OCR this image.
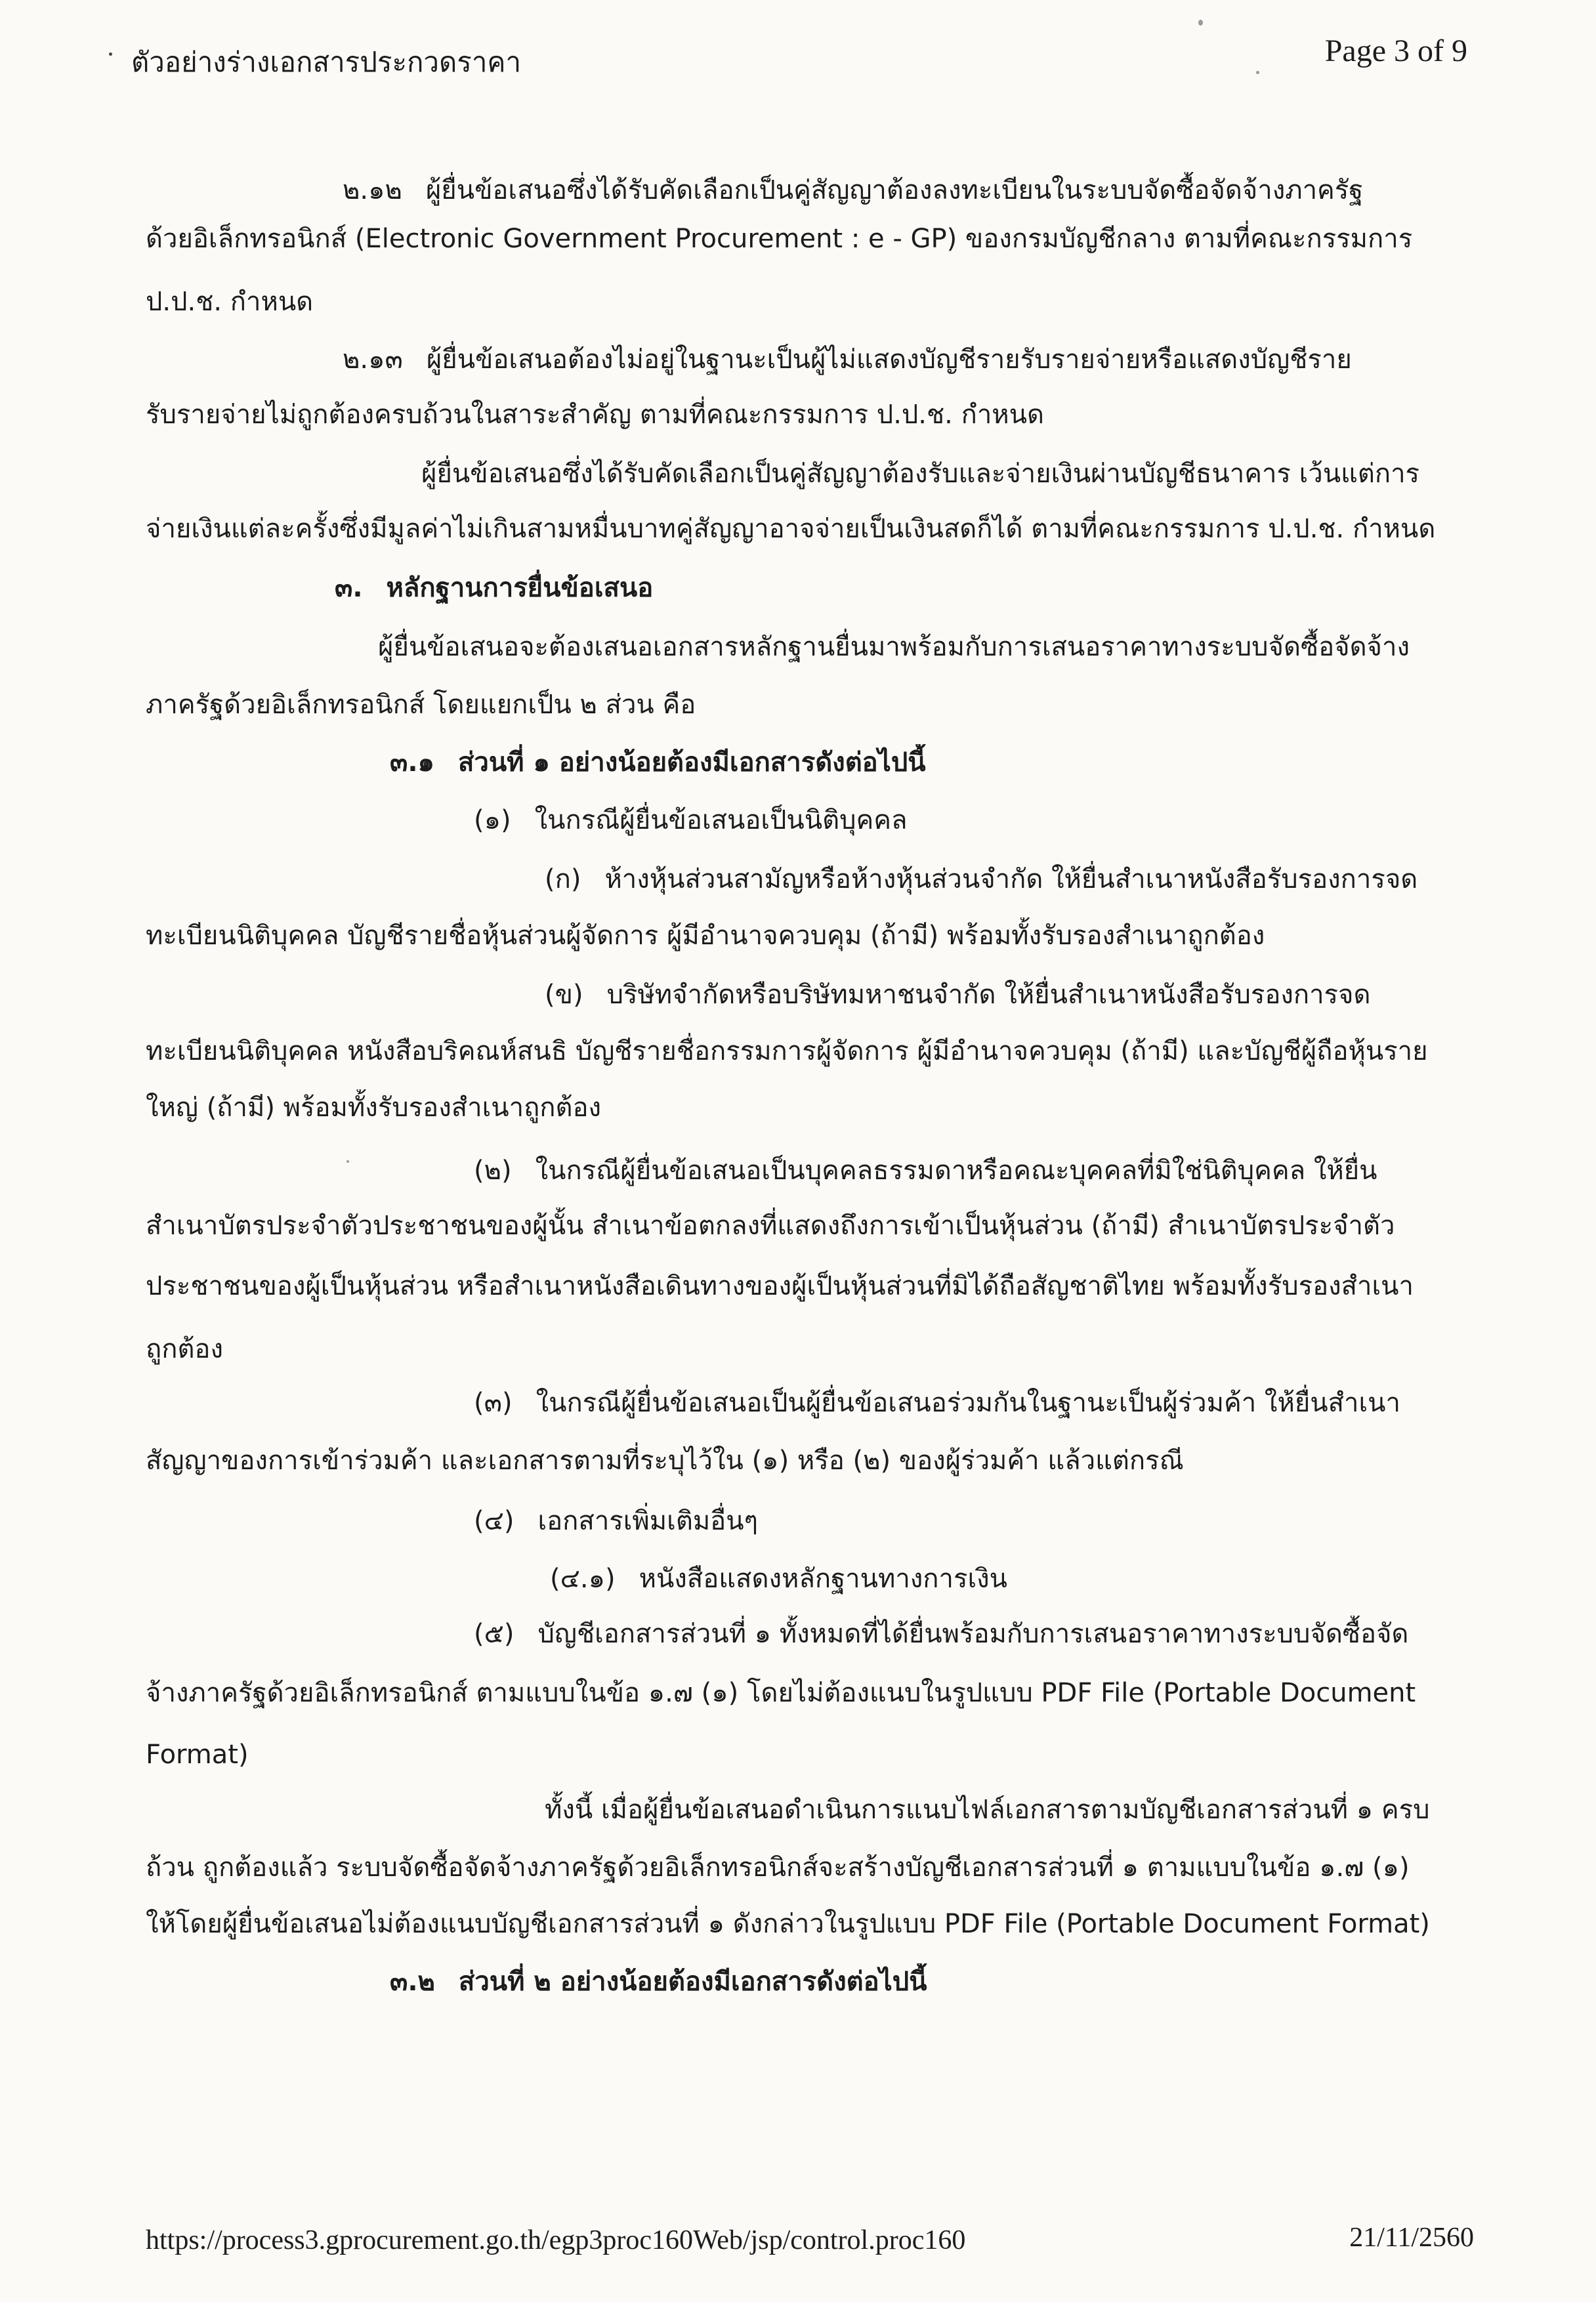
ตัวอย่างร่างเอกสารประกวดราคา	Page 3 of 9
๒.๑๒ ผู้ยื่นข้อเสนอซึ่งได้รับคัดเลือกเป็นคู่สัญญาต้องลงทะเบียนในระบบจัดซื้อจัดจ้างภาครัฐ
ด้วยอิเล็กทรอนิกส์ (Electronic Government Procurement : e - GP) ของกรมบัญชีกลาง ตามที่คณะกรรมการ
ป.ป.ช. กำหนด
๒.๑๓ ผู้ยื่นข้อเสนอต้องไม่อยู่ในฐานะเป็นผู้ไม่แสดงบัญชีรายรับรายจ่ายหรือแสดงบัญชีราย
รับรายจ่ายไม่ถูกต้องครบถ้วนในสาระสำคัญ ตามที่คณะกรรมการ ป.ป.ช. กำหนด
ผู้ยื่นข้อเสนอซึ่งได้รับคัดเลือกเป็นคู่สัญญาต้องรับและจ่ายเงินผ่านบัญชีธนาคาร เว้นแต่การ
จ่ายเงินแต่ละครั้งซึ่งมีมูลค่าไม่เกินสามหมื่นบาทคู่สัญญาอาจจ่ายเป็นเงินสดก็ได้ ตามที่คณะกรรมการ ป.ป.ช. กำหนด
๓. หลักฐานการยื่นข้อเสนอ
ผู้ยื่นข้อเสนอจะต้องเสนอเอกสารหลักฐานยื่นมาพร้อมกับการเสนอราคาทางระบบจัดซื้อจัดจ้าง
ภาครัฐด้วยอิเล็กทรอนิกส์ โดยแยกเป็น ๒ ส่วน คือ
๓.๑ ส่วนที่ ๑ อย่างน้อยต้องมีเอกสารดังต่อไปนี้
(๑) ในกรณีผู้ยื่นข้อเสนอเป็นนิติบุคคล
(ก) ห้างหุ้นส่วนสามัญหรือห้างหุ้นส่วนจำกัด ให้ยื่นสำเนาหนังสือรับรองการจด
ทะเบียนนิติบุคคล บัญชีรายชื่อหุ้นส่วนผู้จัดการ ผู้มีอำนาจควบคุม (ถ้ามี) พร้อมทั้งรับรองสำเนาถูกต้อง
(ข) บริษัทจำกัดหรือบริษัทมหาชนจำกัด ให้ยื่นสำเนาหนังสือรับรองการจด
ทะเบียนนิติบุคคล หนังสือบริคณห์สนธิ บัญชีรายชื่อกรรมการผู้จัดการ ผู้มีอำนาจควบคุม (ถ้ามี) และบัญชีผู้ถือหุ้นราย
ใหญ่ (ถ้ามี) พร้อมทั้งรับรองสำเนาถูกต้อง
(๒) ในกรณีผู้ยื่นข้อเสนอเป็นบุคคลธรรมดาหรือคณะบุคคลที่มิใช่นิติบุคคล ให้ยื่น
สำเนาบัตรประจำตัวประชาชนของผู้นั้น สำเนาข้อตกลงที่แสดงถึงการเข้าเป็นหุ้นส่วน (ถ้ามี) สำเนาบัตรประจำตัว
ประชาชนของผู้เป็นหุ้นส่วน หรือสำเนาหนังสือเดินทางของผู้เป็นหุ้นส่วนที่มิได้ถือสัญชาติไทย พร้อมทั้งรับรองสำเนา
ถูกต้อง
(๓) ในกรณีผู้ยื่นข้อเสนอเป็นผู้ยื่นข้อเสนอร่วมกันในฐานะเป็นผู้ร่วมค้า ให้ยื่นสำเนา
สัญญาของการเข้าร่วมค้า และเอกสารตามที่ระบุไว้ใน (๑) หรือ (๒) ของผู้ร่วมค้า แล้วแต่กรณี
(๔) เอกสารเพิ่มเติมอื่นๆ
(๔.๑) หนังสือแสดงหลักฐานทางการเงิน
(๕) บัญชีเอกสารส่วนที่ ๑ ทั้งหมดที่ได้ยื่นพร้อมกับการเสนอราคาทางระบบจัดซื้อจัด
จ้างภาครัฐด้วยอิเล็กทรอนิกส์ ตามแบบในข้อ ๑.๗ (๑) โดยไม่ต้องแนบในรูปแบบ PDF File (Portable Document
Format)
ทั้งนี้ เมื่อผู้ยื่นข้อเสนอดำเนินการแนบไฟล์เอกสารตามบัญชีเอกสารส่วนที่ ๑ ครบ
ถ้วน ถูกต้องแล้ว ระบบจัดซื้อจัดจ้างภาครัฐด้วยอิเล็กทรอนิกส์จะสร้างบัญชีเอกสารส่วนที่ ๑ ตามแบบในข้อ ๑.๗ (๑)
ให้โดยผู้ยื่นข้อเสนอไม่ต้องแนบบัญชีเอกสารส่วนที่ ๑ ดังกล่าวในรูปแบบ PDF File (Portable Document Format)
๓.๒ ส่วนที่ ๒ อย่างน้อยต้องมีเอกสารดังต่อไปนี้
https://process3.gprocurement.go.th/egp3proc160Web/jsp/control.proc160	21/11/2560
